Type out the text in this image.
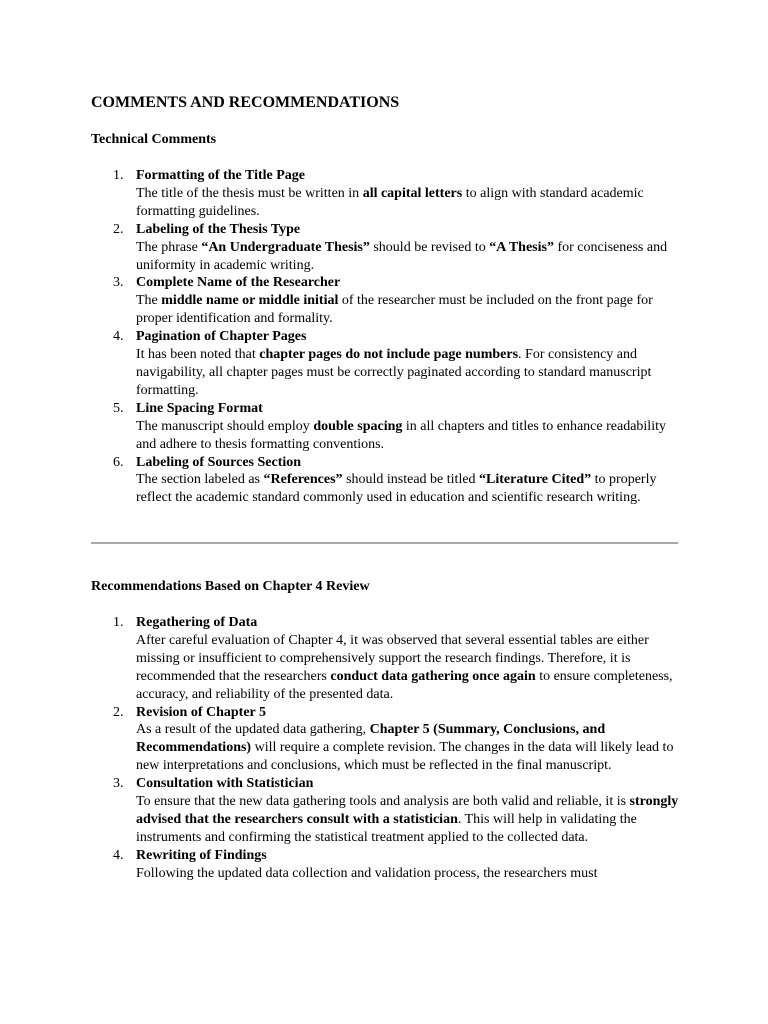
COMMENTS AND RECOMMENDATIONS
Technical Comments
1. Formatting of the Title Page
The title of the thesis must be written in all capital letters to align with standard academic formatting guidelines.
2. Labeling of the Thesis Type
The phrase “An Undergraduate Thesis” should be revised to “A Thesis” for conciseness and uniformity in academic writing.
3. Complete Name of the Researcher
The middle name or middle initial of the researcher must be included on the front page for proper identification and formality.
4. Pagination of Chapter Pages
It has been noted that chapter pages do not include page numbers. For consistency and navigability, all chapter pages must be correctly paginated according to standard manuscript formatting.
5. Line Spacing Format
The manuscript should employ double spacing in all chapters and titles to enhance readability and adhere to thesis formatting conventions.
6. Labeling of Sources Section
The section labeled as “References” should instead be titled “Literature Cited” to properly reflect the academic standard commonly used in education and scientific research writing.
Recommendations Based on Chapter 4 Review
1. Regathering of Data
After careful evaluation of Chapter 4, it was observed that several essential tables are either missing or insufficient to comprehensively support the research findings. Therefore, it is recommended that the researchers conduct data gathering once again to ensure completeness, accuracy, and reliability of the presented data.
2. Revision of Chapter 5
As a result of the updated data gathering, Chapter 5 (Summary, Conclusions, and Recommendations) will require a complete revision. The changes in the data will likely lead to new interpretations and conclusions, which must be reflected in the final manuscript.
3. Consultation with Statistician
To ensure that the new data gathering tools and analysis are both valid and reliable, it is strongly advised that the researchers consult with a statistician. This will help in validating the instruments and confirming the statistical treatment applied to the collected data.
4. Rewriting of Findings
Following the updated data collection and validation process, the researchers must
